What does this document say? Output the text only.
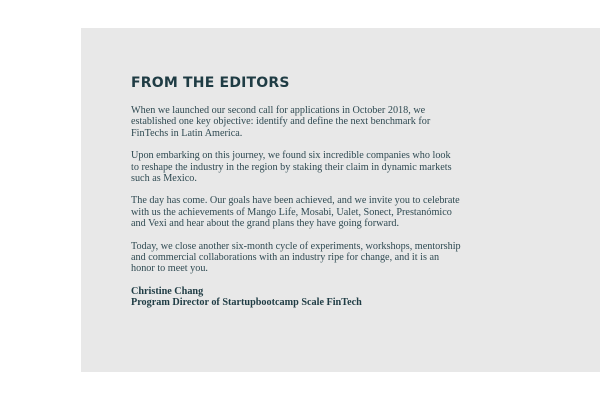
FROM THE EDITORS

When we launched our second call for applications in October 2018, we established one key objective: identify and define the next benchmark for FinTechs in Latin America.

Upon embarking on this journey, we found six incredible companies who look to reshape the industry in the region by staking their claim in dynamic markets such as Mexico.

The day has come. Our goals have been achieved, and we invite you to celebrate with us the achievements of Mango Life, Mosabi, Ualet, Sonect, Prestanómico and Vexi and hear about the grand plans they have going forward.

Today, we close another six-month cycle of experiments, workshops, mentorship and commercial collaborations with an industry ripe for change, and it is an honor to meet you.

Christine Chang
Program Director of Startupbootcamp Scale FinTech
